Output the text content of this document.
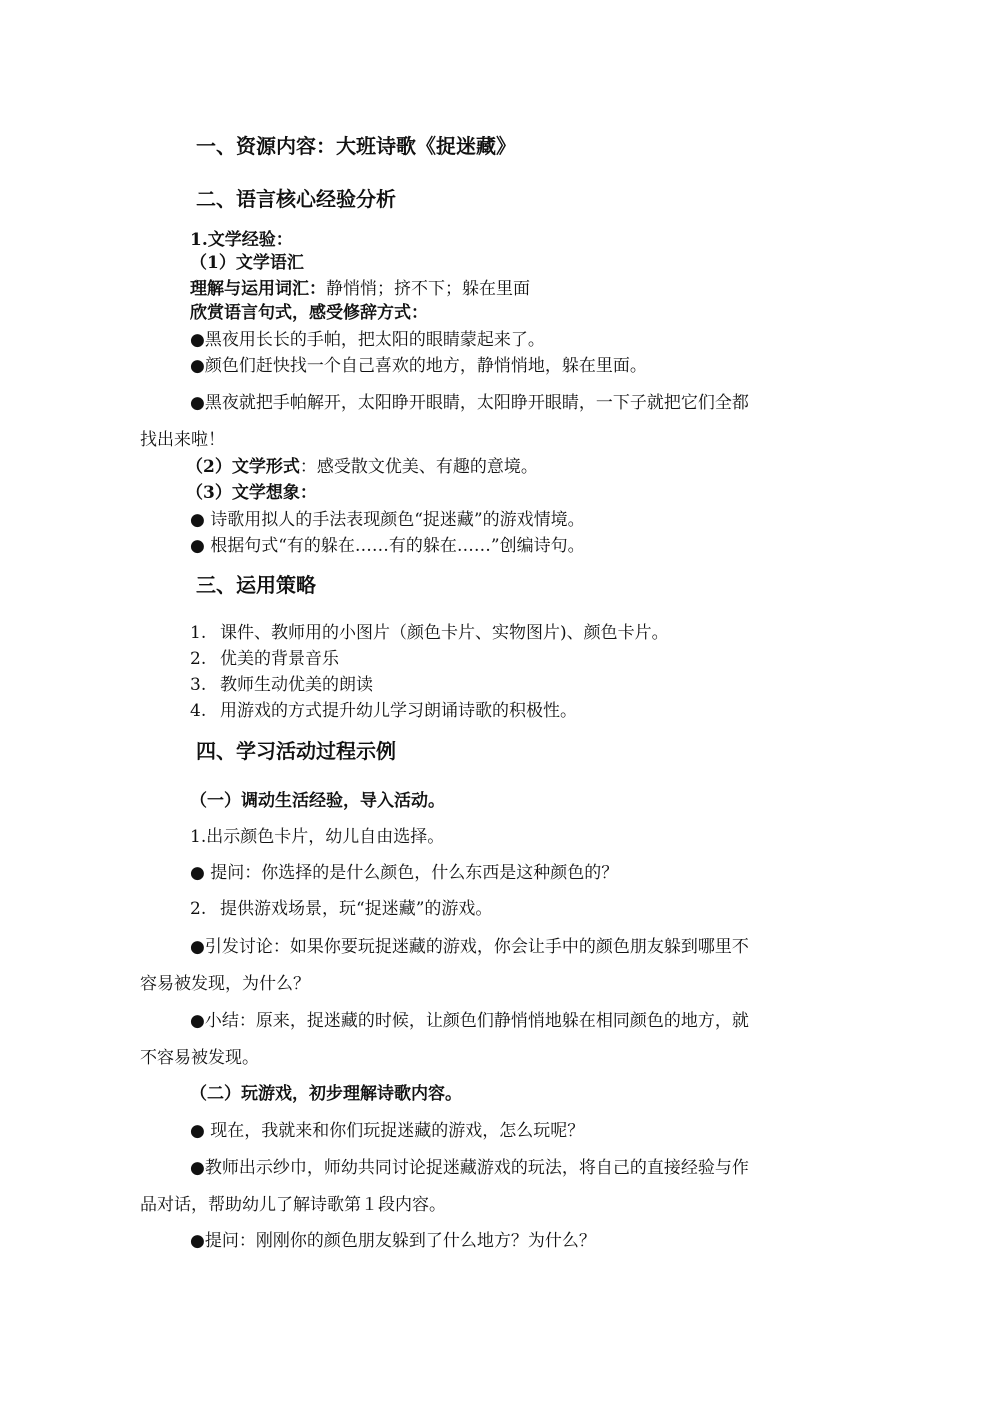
一、资源内容：大班诗歌《捉迷藏》
二、语言核心经验分析
1.文学经验：
（1）文学语汇
理解与运用词汇：静悄悄；挤不下；躲在里面
欣赏语言句式，感受修辞方式：
●黑夜用长长的手帕，把太阳的眼睛蒙起来了。
●颜色们赶快找一个自己喜欢的地方，静悄悄地，躲在里面。
●黑夜就把手帕解开，太阳睁开眼睛，太阳睁开眼睛，一下子就把它们全都
找出来啦！
（2）文学形式：感受散文优美、有趣的意境。
（3）文学想象：
● 诗歌用拟人的手法表现颜色“捉迷藏”的游戏情境。
● 根据句式“有的躲在……有的躲在……”创编诗句。
三、运用策略
1. 课件、教师用的小图片（颜色卡片、实物图片)、颜色卡片。
2. 优美的背景音乐
3. 教师生动优美的朗读
4. 用游戏的方式提升幼儿学习朗诵诗歌的积极性。
四、学习活动过程示例
（一）调动生活经验，导入活动。
1.出示颜色卡片，幼儿自由选择。
● 提问：你选择的是什么颜色，什么东西是这种颜色的？
2. 提供游戏场景，玩“捉迷藏”的游戏。
●引发讨论：如果你要玩捉迷藏的游戏，你会让手中的颜色朋友躲到哪里不
容易被发现，为什么？
●小结：原来，捉迷藏的时候，让颜色们静悄悄地躲在相同颜色的地方，就
不容易被发现。
（二）玩游戏，初步理解诗歌内容。
● 现在，我就来和你们玩捉迷藏的游戏，怎么玩呢？
●教师出示纱巾，师幼共同讨论捉迷藏游戏的玩法，将自己的直接经验与作
品对话，帮助幼儿了解诗歌第１段内容。
●提问：刚刚你的颜色朋友躲到了什么地方？为什么？
